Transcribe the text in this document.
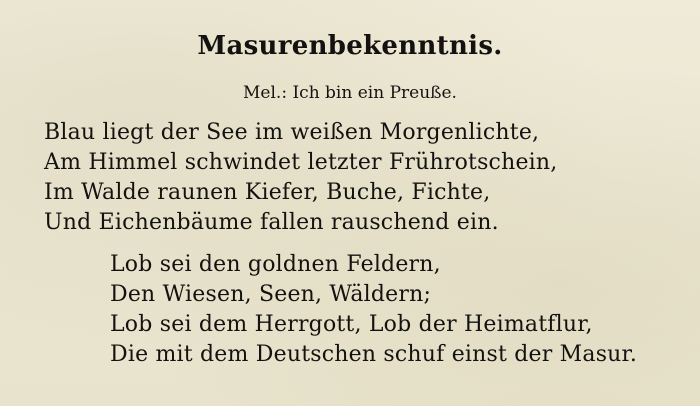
Masurenbekenntnis.
Mel.: Ich bin ein Preuße.
Blau liegt der See im weißen Morgenlichte,
Am Himmel schwindet letzter Frührotschein,
Im Walde raunen Kiefer, Buche, Fichte,
Und Eichenbäume fallen rauschend ein.
Lob sei den goldnen Feldern,
Den Wiesen, Seen, Wäldern;
Lob sei dem Herrgott, Lob der Heimatflur,
Die mit dem Deutschen schuf einst der Masur.
